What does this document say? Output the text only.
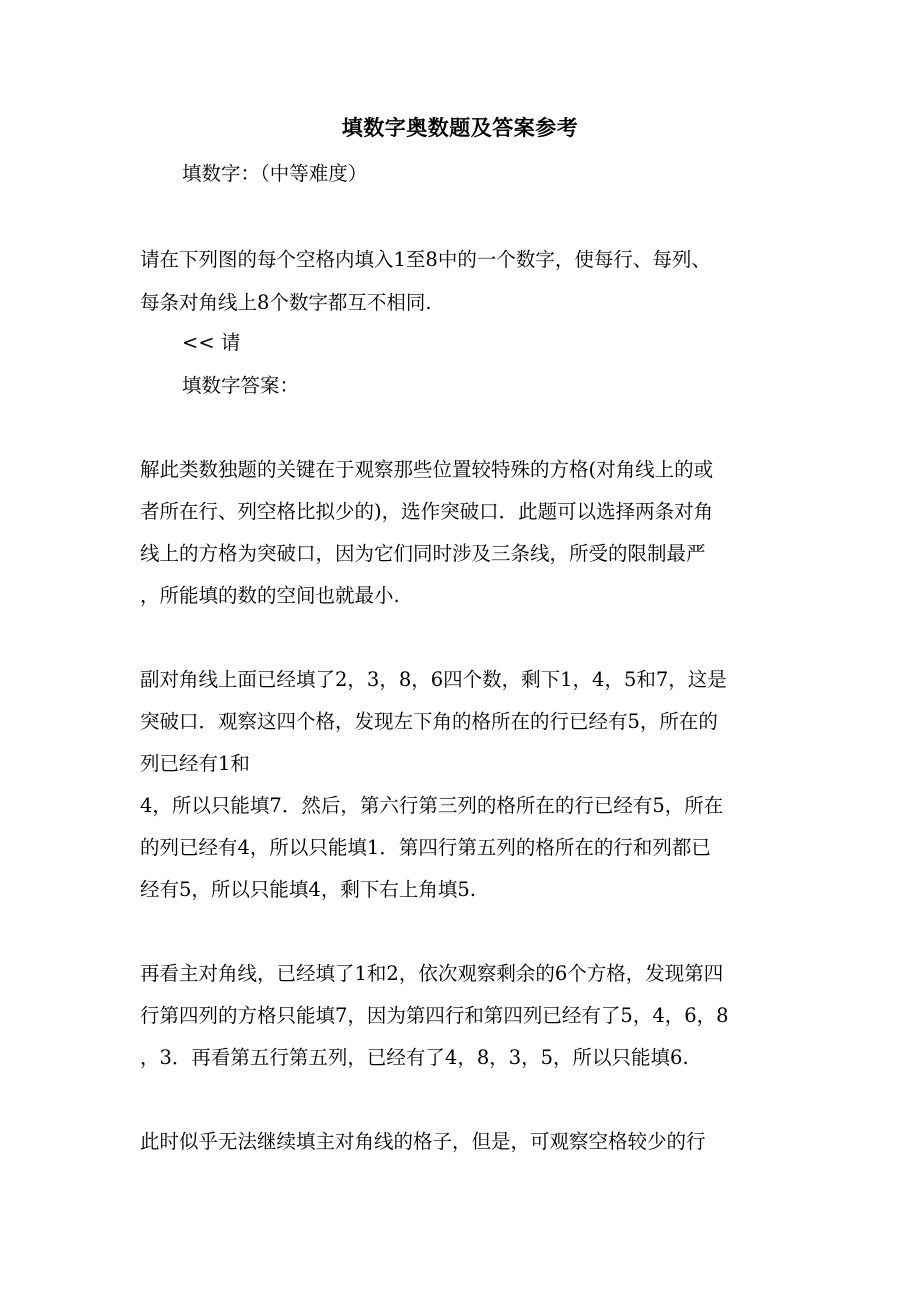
填数字奥数题及答案参考
填数字：（中等难度）
请在下列图的每个空格内填入1至8中的一个数字，使每行、每列、
每条对角线上8个数字都互不相同.
<< 请
填数字答案：
解此类数独题的关键在于观察那些位置较特殊的方格(对角线上的或
者所在行、列空格比拟少的)，选作突破口．此题可以选择两条对角
线上的方格为突破口，因为它们同时涉及三条线，所受的限制最严
，所能填的数的空间也就最小.
副对角线上面已经填了2，3，8，6四个数，剩下1，4，5和7，这是
突破口．观察这四个格，发现左下角的格所在的行已经有5，所在的
列已经有1和
4，所以只能填7．然后，第六行第三列的格所在的行已经有5，所在
的列已经有4，所以只能填1．第四行第五列的格所在的行和列都已
经有5，所以只能填4，剩下右上角填5.
再看主对角线，已经填了1和2，依次观察剩余的6个方格，发现第四
行第四列的方格只能填7，因为第四行和第四列已经有了5，4，6，8
，3．再看第五行第五列，已经有了4，8，3，5，所以只能填6.
此时似乎无法继续填主对角线的格子，但是，可观察空格较少的行
